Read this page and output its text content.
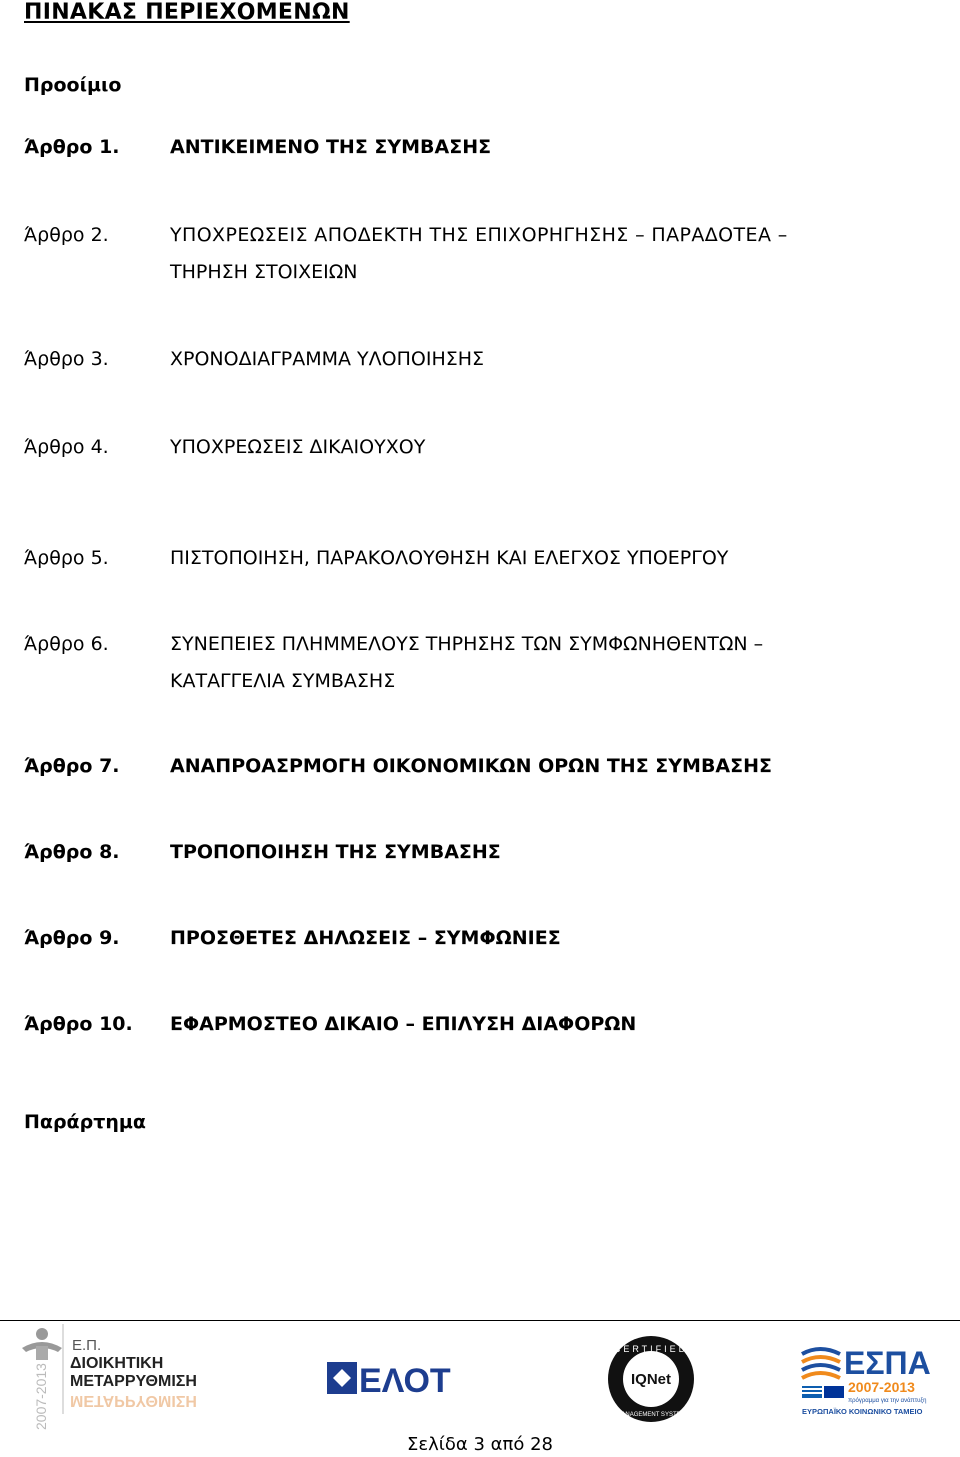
ΠΙΝΑΚΑΣ ΠΕΡΙΕΧΟΜΕΝΩΝ
Προοίμιο
Άρθρο 1.	ΑΝΤΙΚΕΙΜΕΝΟ ΤΗΣ ΣΥΜΒΑΣΗΣ
Άρθρο 2.	ΥΠΟΧΡΕΩΣΕΙΣ ΑΠΟΔΕΚΤΗ ΤΗΣ ΕΠΙΧΟΡΗΓΗΣΗΣ – ΠΑΡΑΔΟΤΕΑ –
ΤΗΡΗΣΗ ΣΤΟΙΧΕΙΩΝ
Άρθρο 3.	ΧΡΟΝΟΔΙΑΓΡΑΜΜΑ ΥΛΟΠΟΙΗΣΗΣ
Άρθρο 4.	ΥΠΟΧΡΕΩΣΕΙΣ ΔΙΚΑΙΟΥΧΟΥ
Άρθρο 5.	ΠΙΣΤΟΠΟΙΗΣΗ, ΠΑΡΑΚΟΛΟΥΘΗΣΗ ΚΑΙ ΕΛΕΓΧΟΣ ΥΠΟΕΡΓΟΥ
Άρθρο 6.	ΣΥΝΕΠΕΙΕΣ ΠΛΗΜΜΕΛΟΥΣ ΤΗΡΗΣΗΣ ΤΩΝ ΣΥΜΦΩΝΗΘΕΝΤΩΝ –
ΚΑΤΑΓΓΕΛΙΑ ΣΥΜΒΑΣΗΣ
Άρθρο 7.	ΑΝΑΠΡΟΑΣΡΜΟΓΗ ΟΙΚΟΝΟΜΙΚΩΝ ΟΡΩΝ ΤΗΣ ΣΥΜΒΑΣΗΣ
Άρθρο 8.	ΤΡΟΠΟΠΟΙΗΣΗ ΤΗΣ ΣΥΜΒΑΣΗΣ
Άρθρο 9.	ΠΡΟΣΘΕΤΕΣ ΔΗΛΩΣΕΙΣ – ΣΥΜΦΩΝΙΕΣ
Άρθρο 10. ΕΦΑΡΜΟΣΤΕΟ ΔΙΚΑΙΟ – ΕΠΙΛΥΣΗ ΔΙΑΦΟΡΩΝ
Παράρτημα
2007-2013
Ε.Π.
ΔΙΟΙΚΗΤΙΚΗ
ΜΕΤΑΡΡΥΘΜΙΣΗ
ΜΕΤΑΡΡΥΘΜΙΣΗ
ΕΛΟΤ
CERTIFIED
IQNet
MANAGEMENT SYSTEM
ΕΣΠΑ
2007-2013
πρόγραμμα για την ανάπτυξη
ΕΥΡΩΠΑΪΚΟ ΚΟΙΝΩΝΙΚΟ ΤΑΜΕΙΟ
Σελίδα 3 από 28
